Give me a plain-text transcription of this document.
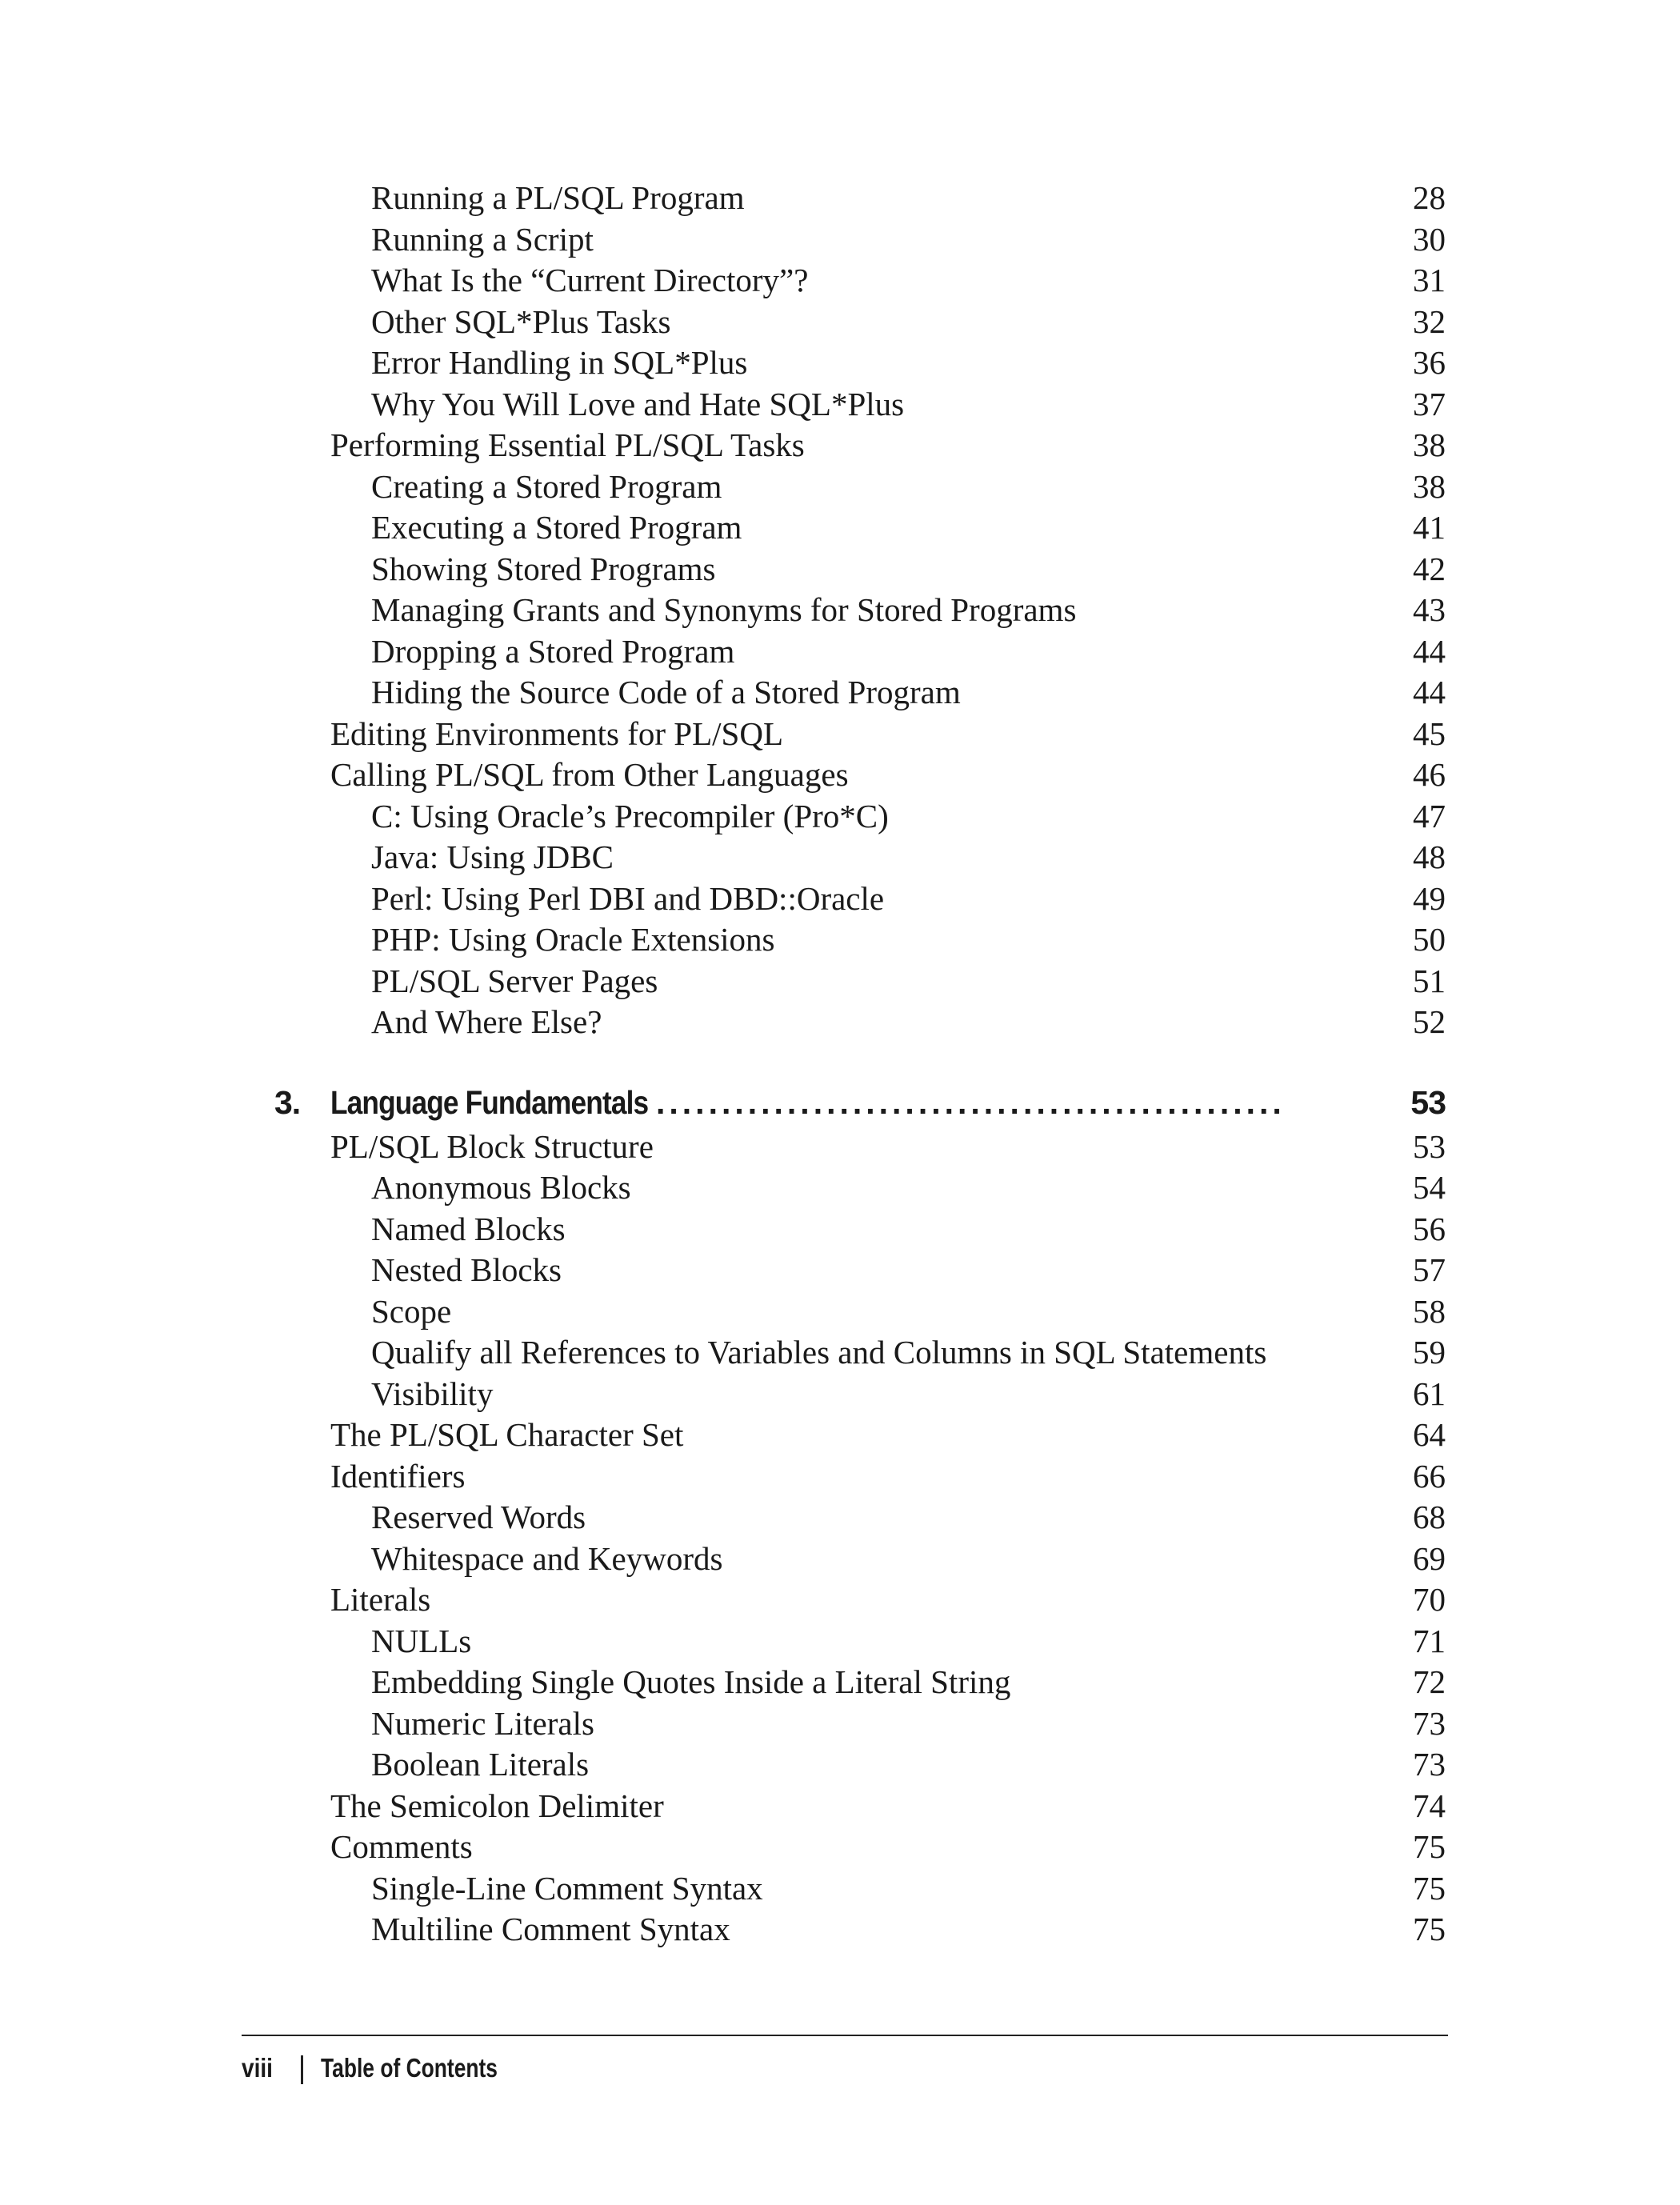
Running a PL/SQL Program	28
Running a Script	30
What Is the “Current Directory”?	31
Other SQL*Plus Tasks	32
Error Handling in SQL*Plus	36
Why You Will Love and Hate SQL*Plus	37
Performing Essential PL/SQL Tasks	38
Creating a Stored Program	38
Executing a Stored Program	41
Showing Stored Programs	42
Managing Grants and Synonyms for Stored Programs	43
Dropping a Stored Program	44
Hiding the Source Code of a Stored Program	44
Editing Environments for PL/SQL	45
Calling PL/SQL from Other Languages	46
C: Using Oracle’s Precompiler (Pro*C)	47
Java: Using JDBC	48
Perl: Using Perl DBI and DBD::Oracle	49
PHP: Using Oracle Extensions	50
PL/SQL Server Pages	51
And Where Else?	52
3. Language Fundamentals ................................................	53
PL/SQL Block Structure	53
Anonymous Blocks	54
Named Blocks	56
Nested Blocks	57
Scope	58
Qualify all References to Variables and Columns in SQL Statements	59
Visibility	61
The PL/SQL Character Set	64
Identifiers	66
Reserved Words	68
Whitespace and Keywords	69
Literals	70
NULLs	71
Embedding Single Quotes Inside a Literal String	72
Numeric Literals	73
Boolean Literals	73
The Semicolon Delimiter	74
Comments	75
Single-Line Comment Syntax	75
Multiline Comment Syntax	75
viii Table of Contents
